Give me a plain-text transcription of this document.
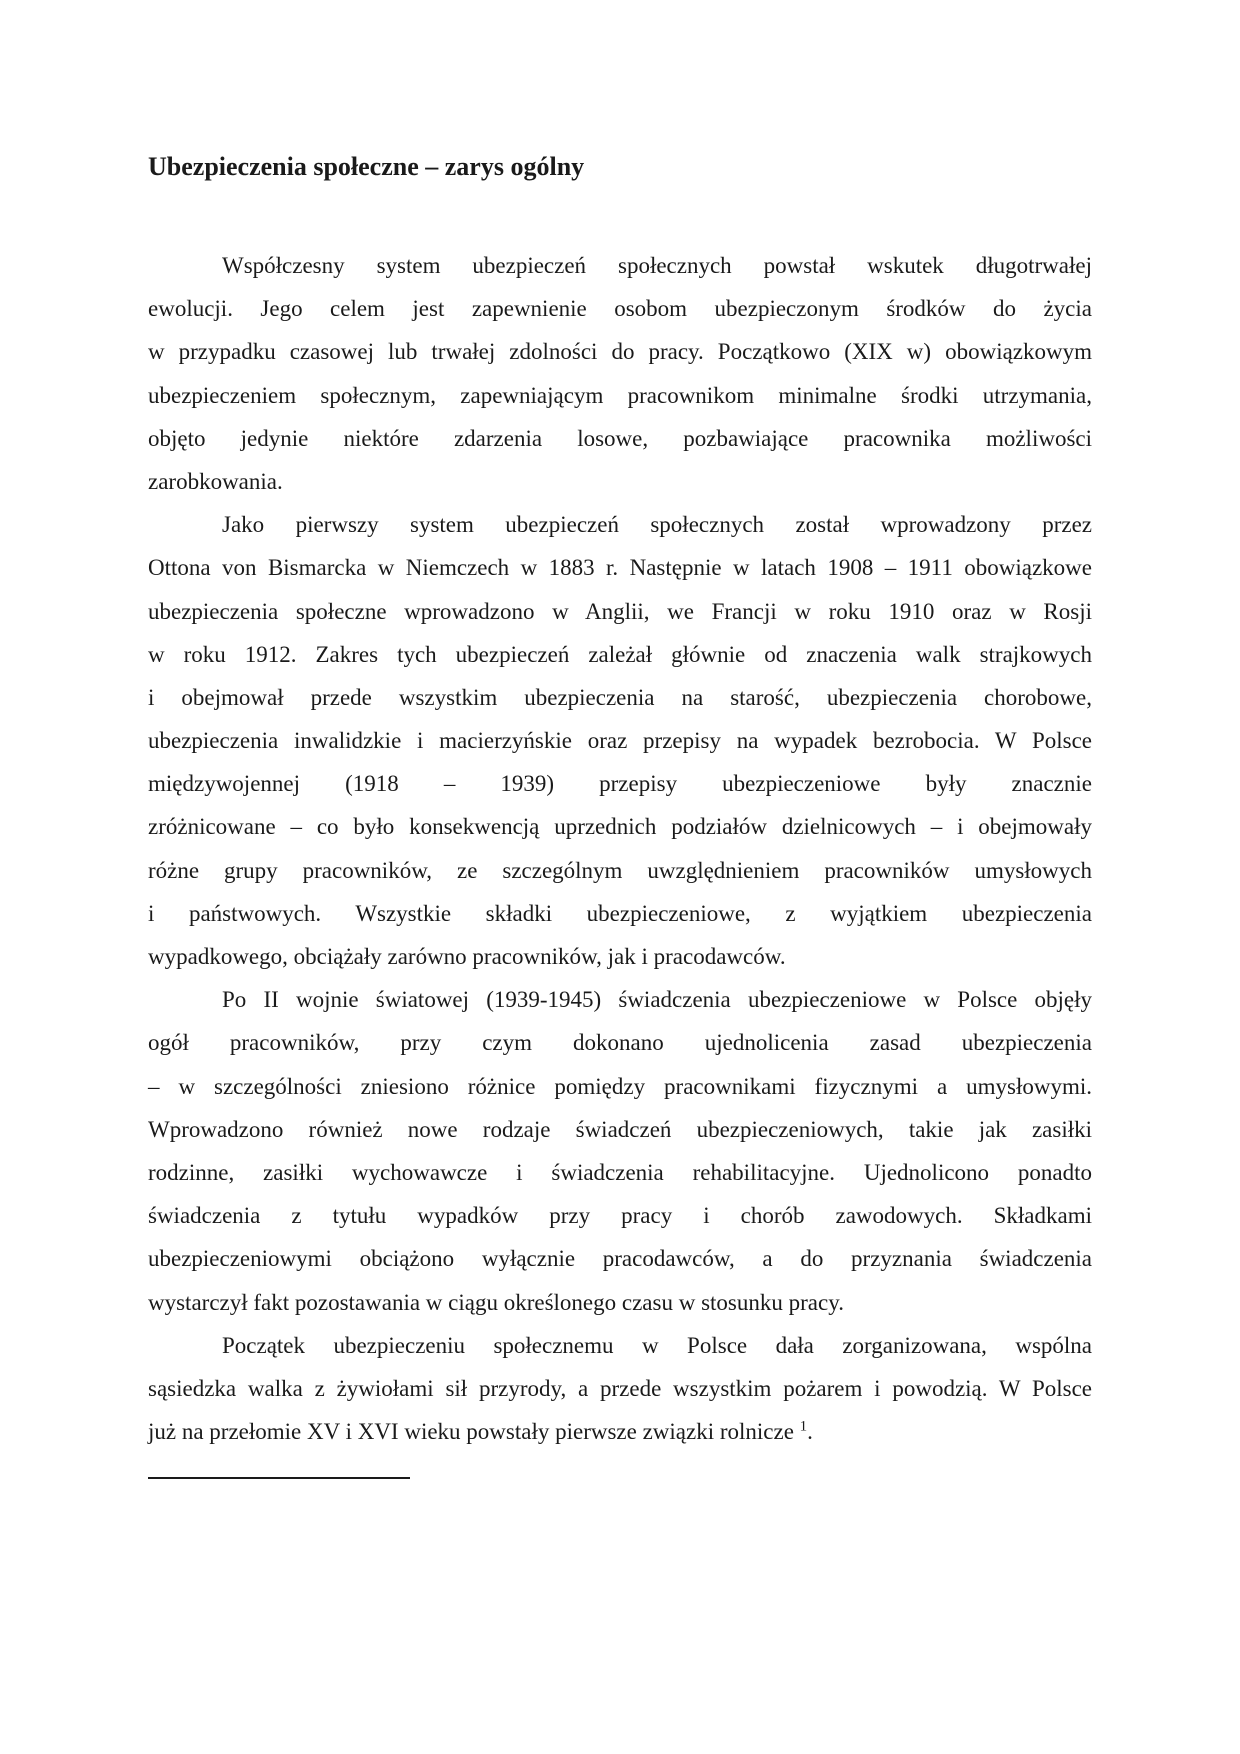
Ubezpieczenia społeczne – zarys ogólny

Współczesny system ubezpieczeń społecznych powstał wskutek długotrwałej
ewolucji. Jego celem jest zapewnienie osobom ubezpieczonym środków do życia
w przypadku czasowej lub trwałej zdolności do pracy. Początkowo (XIX w) obowiązkowym
ubezpieczeniem społecznym, zapewniającym pracownikom minimalne środki utrzymania,
objęto jedynie niektóre zdarzenia losowe, pozbawiające pracownika możliwości
zarobkowania.

Jako pierwszy system ubezpieczeń społecznych został wprowadzony przez
Ottona von Bismarcka w Niemczech w 1883 r. Następnie w latach 1908 – 1911 obowiązkowe
ubezpieczenia społeczne wprowadzono w Anglii, we Francji w roku 1910 oraz w Rosji
w roku 1912. Zakres tych ubezpieczeń zależał głównie od znaczenia walk strajkowych
i obejmował przede wszystkim ubezpieczenia na starość, ubezpieczenia chorobowe,
ubezpieczenia inwalidzkie i macierzyńskie oraz przepisy na wypadek bezrobocia. W Polsce
międzywojennej (1918 – 1939) przepisy ubezpieczeniowe były znacznie
zróżnicowane – co było konsekwencją uprzednich podziałów dzielnicowych – i obejmowały
różne grupy pracowników, ze szczególnym uwzględnieniem pracowników umysłowych
i państwowych. Wszystkie składki ubezpieczeniowe, z wyjątkiem ubezpieczenia
wypadkowego, obciążały zarówno pracowników, jak i pracodawców.

Po II wojnie światowej (1939-1945) świadczenia ubezpieczeniowe w Polsce objęły
ogół pracowników, przy czym dokonano ujednolicenia zasad ubezpieczenia
– w szczególności zniesiono różnice pomiędzy pracownikami fizycznymi a umysłowymi.
Wprowadzono również nowe rodzaje świadczeń ubezpieczeniowych, takie jak zasiłki
rodzinne, zasiłki wychowawcze i świadczenia rehabilitacyjne. Ujednolicono ponadto
świadczenia z tytułu wypadków przy pracy i chorób zawodowych. Składkami
ubezpieczeniowymi obciążono wyłącznie pracodawców, a do przyznania świadczenia
wystarczył fakt pozostawania w ciągu określonego czasu w stosunku pracy.

Początek ubezpieczeniu społecznemu w Polsce dała zorganizowana, wspólna
sąsiedzka walka z żywiołami sił przyrody, a przede wszystkim pożarem i powodzią. W Polsce
już na przełomie XV i XVI wieku powstały pierwsze związki rolnicze $^1$.
